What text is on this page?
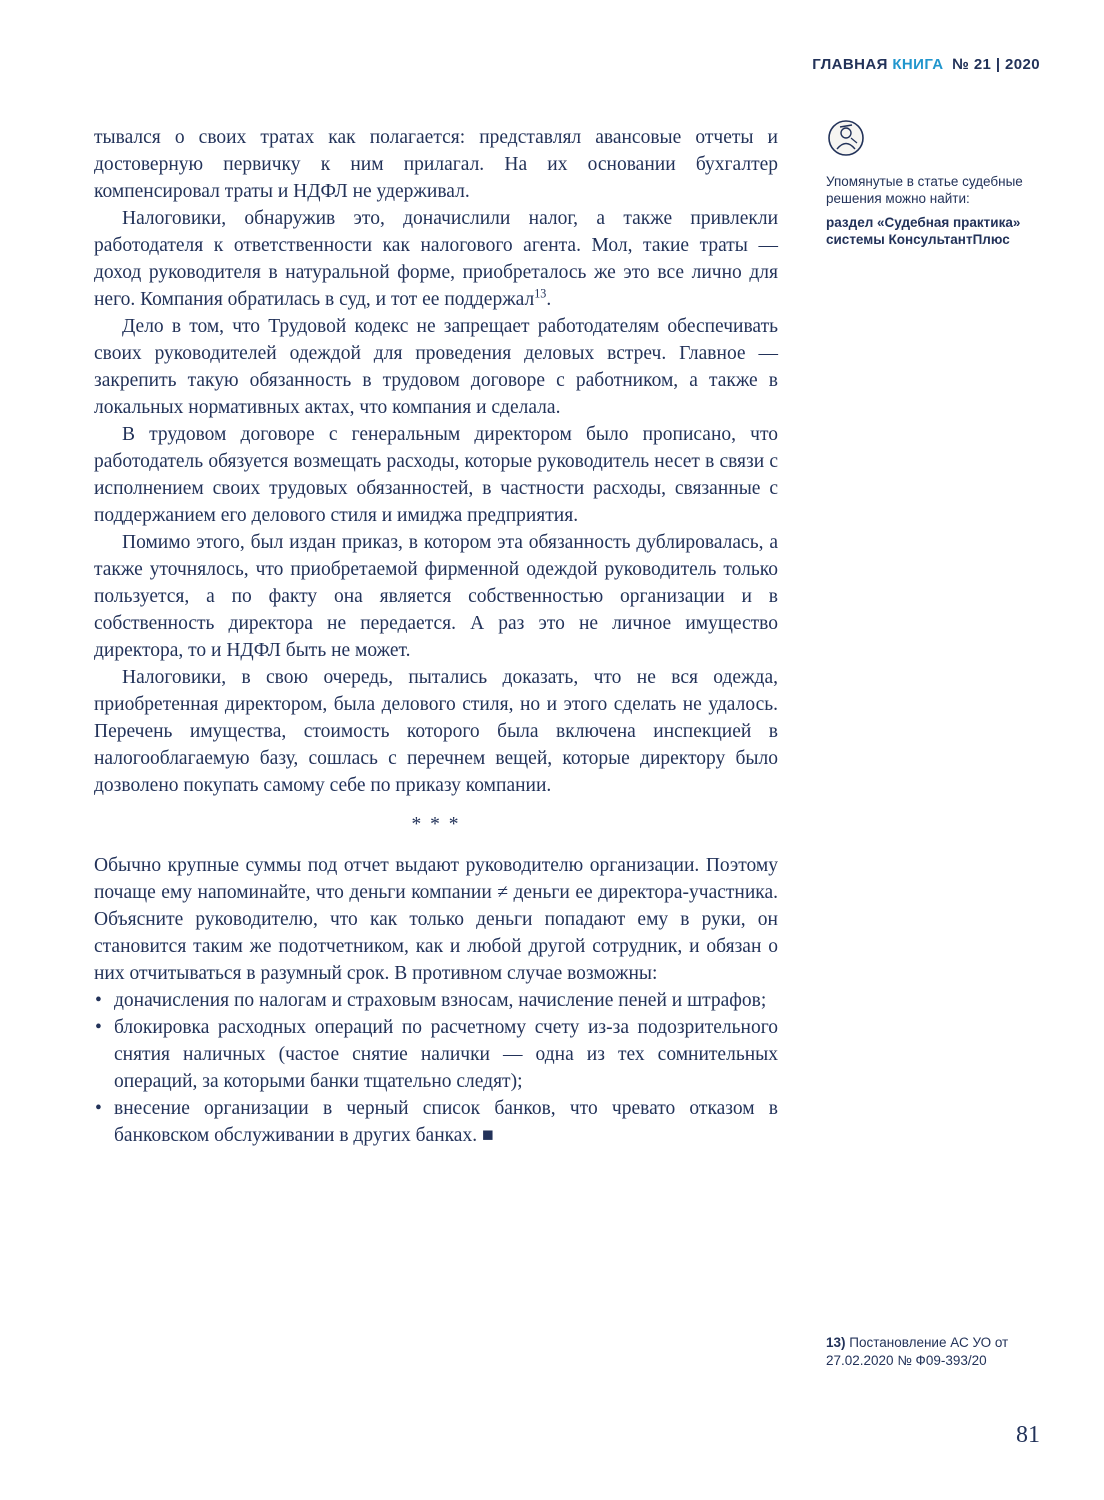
ГЛАВНАЯ КНИГА № 21 | 2020

тывался о своих тратах как полагается: представлял авансовые отчеты и достоверную первичку к ним прилагал. На их основании бухгалтер компенсировал траты и НДФЛ не удерживал.

Налоговики, обнаружив это, доначислили налог, а также привлекли работодателя к ответственности как налогового агента. Мол, такие траты — доход руководителя в натуральной форме, приобреталось же это все лично для него. Компания обратилась в суд, и тот ее поддержал$^{13}$.

Дело в том, что Трудовой кодекс не запрещает работодателям обеспечивать своих руководителей одеждой для проведения деловых встреч. Главное — закрепить такую обязанность в трудовом договоре с работником, а также в локальных нормативных актах, что компания и сделала.

В трудовом договоре с генеральным директором было прописано, что работодатель обязуется возмещать расходы, которые руководитель несет в связи с исполнением своих трудовых обязанностей, в частности расходы, связанные с поддержанием его делового стиля и имиджа предприятия.

Помимо этого, был издан приказ, в котором эта обязанность дублировалась, а также уточнялось, что приобретаемой фирменной одеждой руководитель только пользуется, а по факту она является собственностью организации и в собственность директора не передается. А раз это не личное имущество директора, то и НДФЛ быть не может.

Налоговики, в свою очередь, пытались доказать, что не вся одежда, приобретенная директором, была делового стиля, но и этого сделать не удалось. Перечень имущества, стоимость которого была включена инспекцией в налогооблагаемую базу, сошлась с перечнем вещей, которые директору было дозволено покупать самому себе по приказу компании.

* * *

Обычно крупные суммы под отчет выдают руководителю организации. Поэтому почаще ему напоминайте, что деньги компании ≠ деньги ее директора-участника. Объясните руководителю, что как только деньги попадают ему в руки, он становится таким же подотчетником, как и любой другой сотрудник, и обязан о них отчитываться в разумный срок. В противном случае возможны:

• доначисления по налогам и страховым взносам, начисление пеней и штрафов;
• блокировка расходных операций по расчетному счету из-за подозрительного снятия наличных (частое снятие налички — одна из тех сомнительных операций, за которыми банки тщательно следят);
• внесение организации в черный список банков, что чревато отказом в банковском обслуживании в других банках. ■

Упомянутые в статье судебные решения можно найти:

раздел «Судебная практика» системы КонсультантПлюс

13) Постановление АС УО от 27.02.2020 № Ф09-393/20
81
